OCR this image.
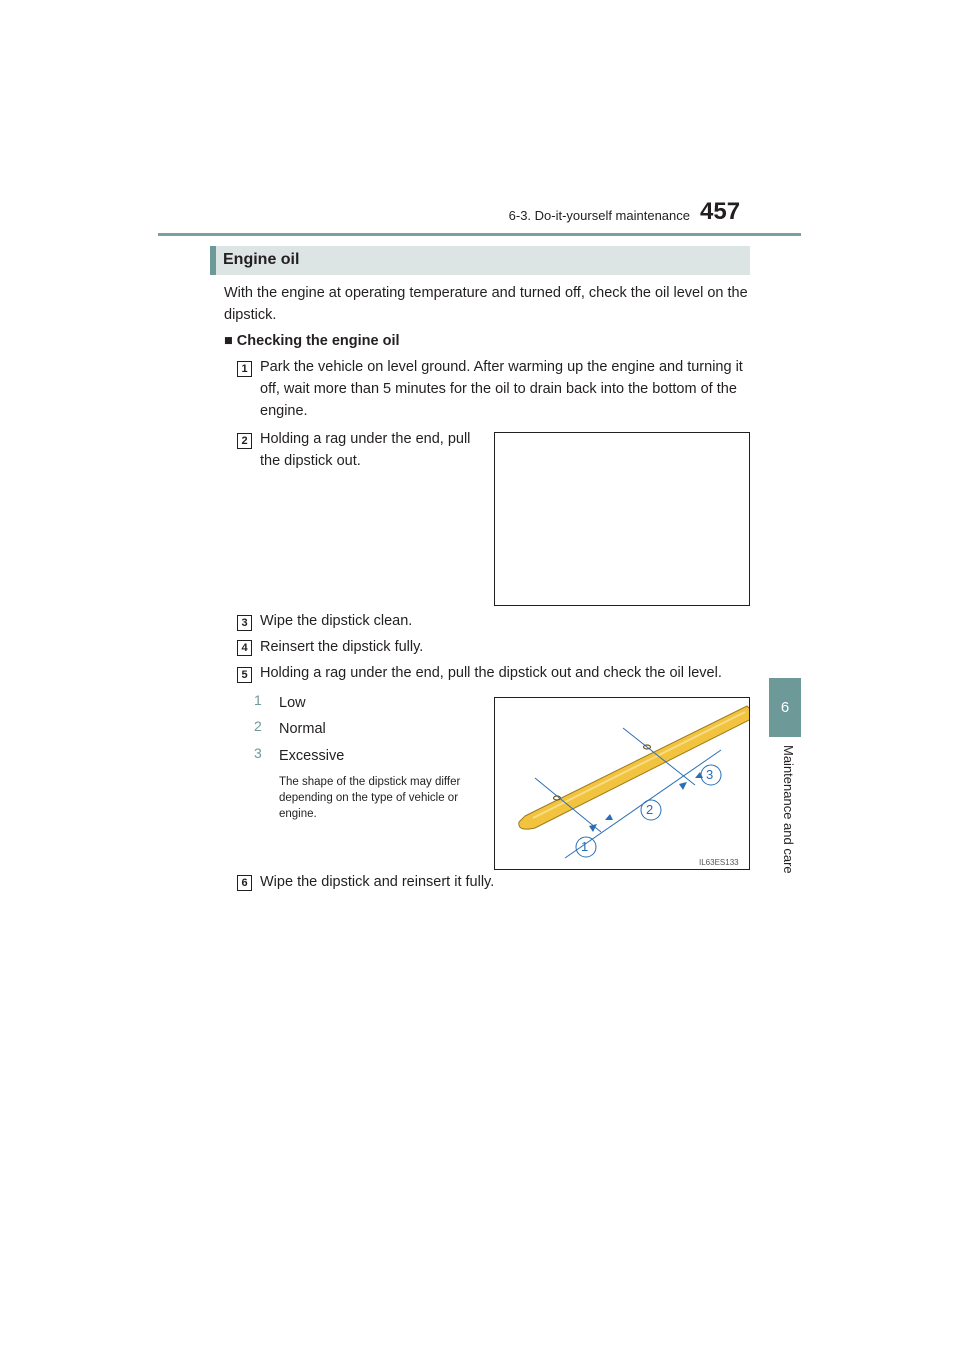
6-3. Do-it-yourself maintenance 457
6
Maintenance and care
Engine oil
With the engine at operating temperature and turned off, check the oil level on the dipstick.
■ Checking the engine oil
1 Park the vehicle on level ground. After warming up the engine and turning it off, wait more than 5 minutes for the oil to drain back into the bottom of the engine.
2 Holding a rag under the end, pull the dipstick out.
3 Wipe the dipstick clean.
4 Reinsert the dipstick fully.
5 Holding a rag under the end, pull the dipstick out and check the oil level.
1 Low
2 Normal
3 Excessive
The shape of the dipstick may differ depending on the type of vehicle or engine.
1
2
3
IL63ES133
6 Wipe the dipstick and reinsert it fully.
